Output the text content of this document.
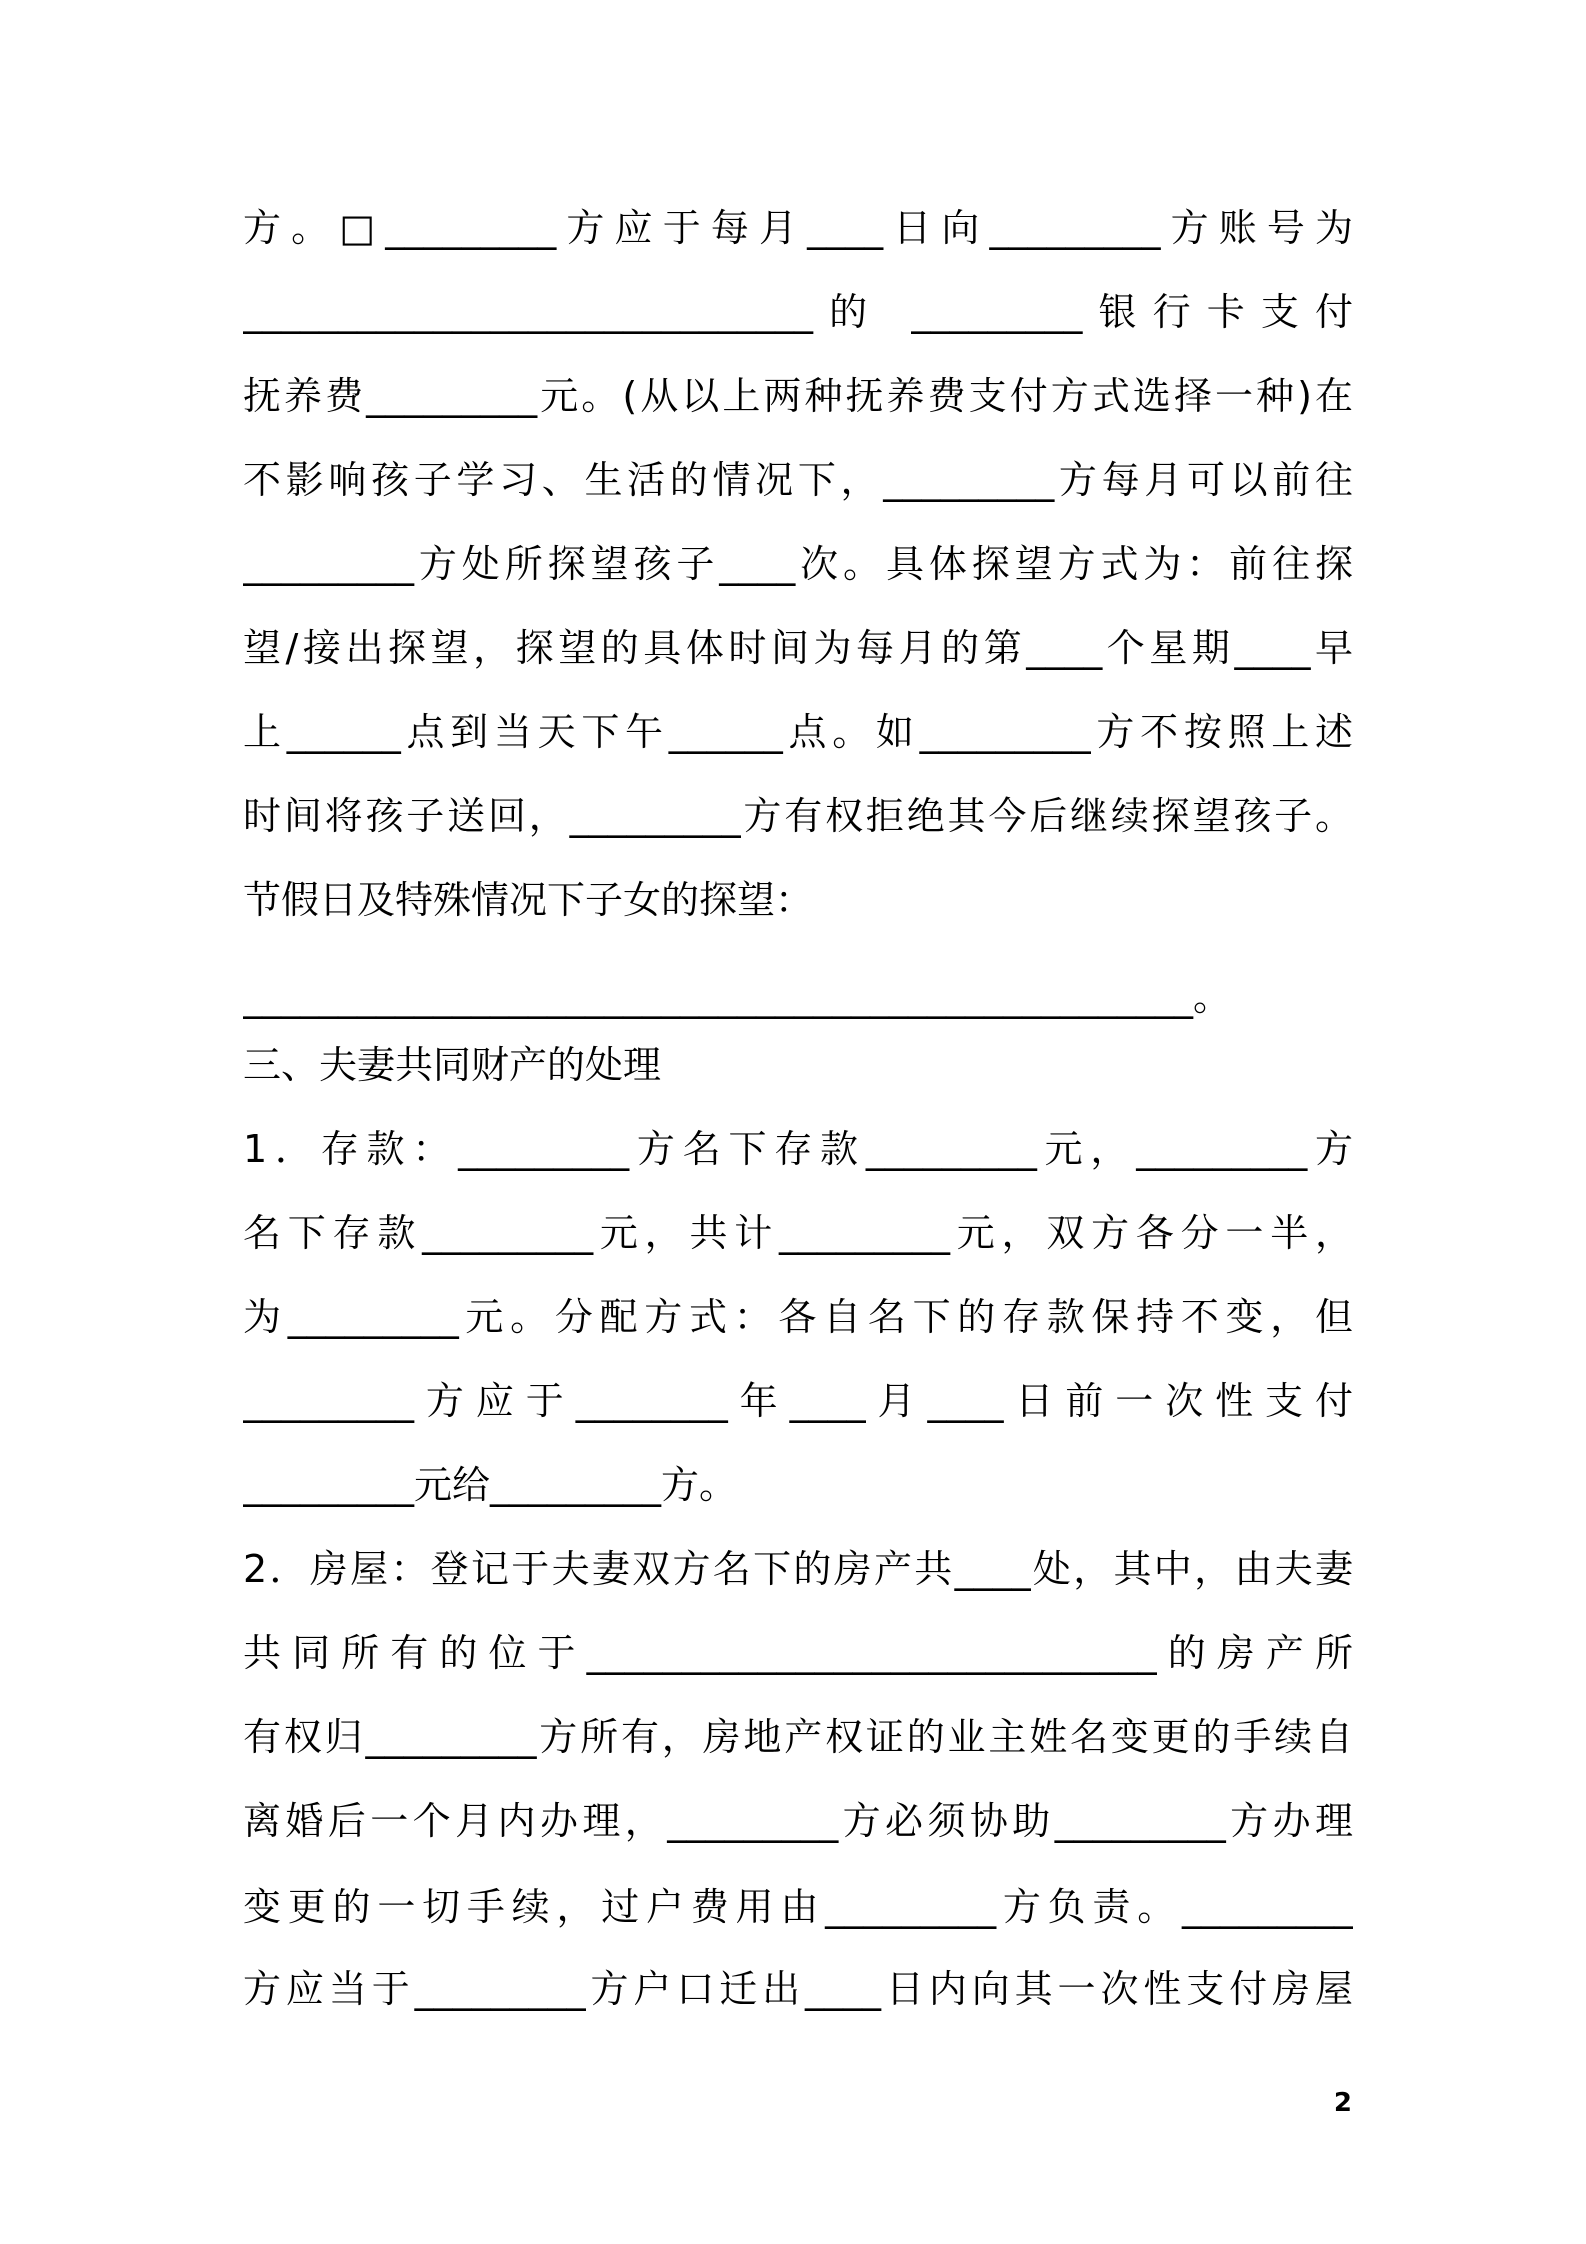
方。□_________方应于每月____日向_________方账号为
______________________________的 _________银行卡支付
抚养费_________元。(从以上两种抚养费支付方式选择一种)在
不影响孩子学习、生活的情况下，_________方每月可以前往
_________方处所探望孩子____次。具体探望方式为：前往探
望/接出探望，探望的具体时间为每月的第____个星期____早
上______点到当天下午______点。如_________方不按照上述
时间将孩子送回，_________方有权拒绝其今后继续探望孩子。
节假日及特殊情况下子女的探望：
__________________________________________________。
三、夫妻共同财产的处理
1．存款：_________方名下存款_________元，_________方
名下存款_________元，共计_________元，双方各分一半，
为_________元。分配方式：各自名下的存款保持不变，但
_________方应于________年____月____日前一次性支付
_________元给_________方。
2．房屋：登记于夫妻双方名下的房产共____处，其中，由夫妻
共同所有的位于______________________________的房产所
有权归_________方所有，房地产权证的业主姓名变更的手续自
离婚后一个月内办理，_________方必须协助_________方办理
变更的一切手续，过户费用由_________方负责。_________
方应当于_________方户口迁出____日内向其一次性支付房屋
2
